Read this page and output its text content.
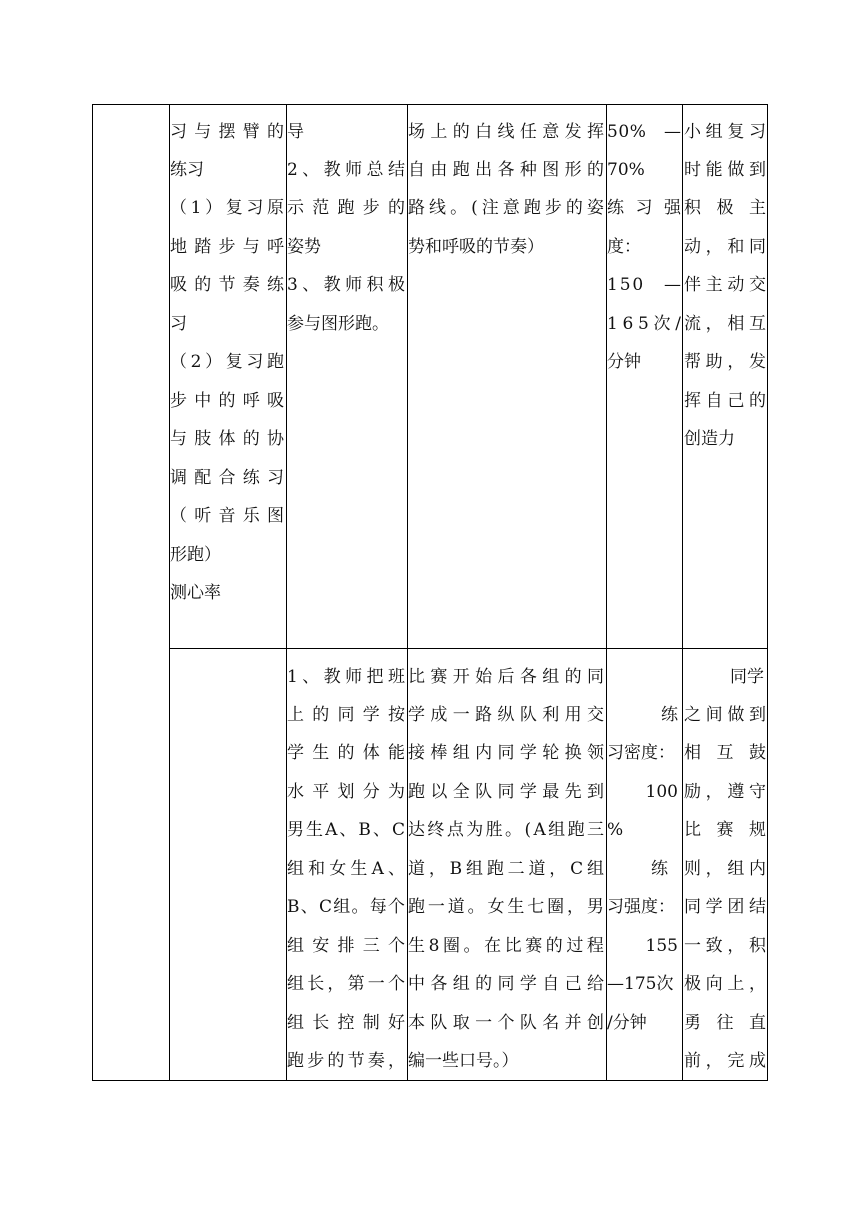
习 与 摆 臂 的
练习
（ 1 ） 复 习 原
地 踏 步 与 呼
吸 的 节 奏 练
习
（ 2 ） 复 习 跑
步 中 的 呼 吸
与 肢 体 的 协
调 配 合 练 习
（ 听 音 乐 图
形跑）
测心率
导
2 、 教 师 总 结
示 范 跑 步 的
姿势
3 、 教 师 积 极
参与图形跑。
场 上 的 白 线 任 意 发 挥
自 由 跑 出 各 种 图 形 的
路 线 。 ( 注 意 跑 步 的 姿
势和呼吸的节奏）
5 0 %
　 —
70%
练 习 强
度：
1 5 0
　 —
1 6 5 次 /
分钟
小 组 复 习
时 能 做 到
积 极 主
动 ， 和 同
伴 主 动 交
流 ， 相 互
帮 助 ， 发
挥 自 己 的
创造力
1 、 教 师 把 班
上 的 同 学 按
学 生 的 体 能
水 平 划 分 为
男 生 A 、 B 、 C
组 和 女 生 A 、
B 、 C 组 。 每 个
组 安 排 三 个
组 长 ， 第 一 个
组 长 控 制 好
跑 步 的 节 奏 ，
比 赛 开 始 后 各 组 的 同
学 成 一 路 纵 队 利 用 交
接 棒 组 内 同 学 轮 换 领
跑 以 全 队 同 学 最 先 到
达 终 点 为 胜 。 ( A 组 跑 三
道 ， B 组 跑 二 道 ， C 组
跑 一 道 。 女 生 七 圈 ， 男
生 8 圈 。 在 比 赛 的 过 程
中 各 组 的 同 学 自 己 给
本 队 取 一 个 队 名 并 创
编一些口号。）
练
习密度：
100
%
练
习强度：
155
—175次
/分钟
同学
之 间 做 到
相 互 鼓
励 ， 遵 守
比 赛 规
则 ， 组 内
同 学 团 结
一 致 ， 积
极 向 上 ，
勇 往 直
前 ， 完 成
